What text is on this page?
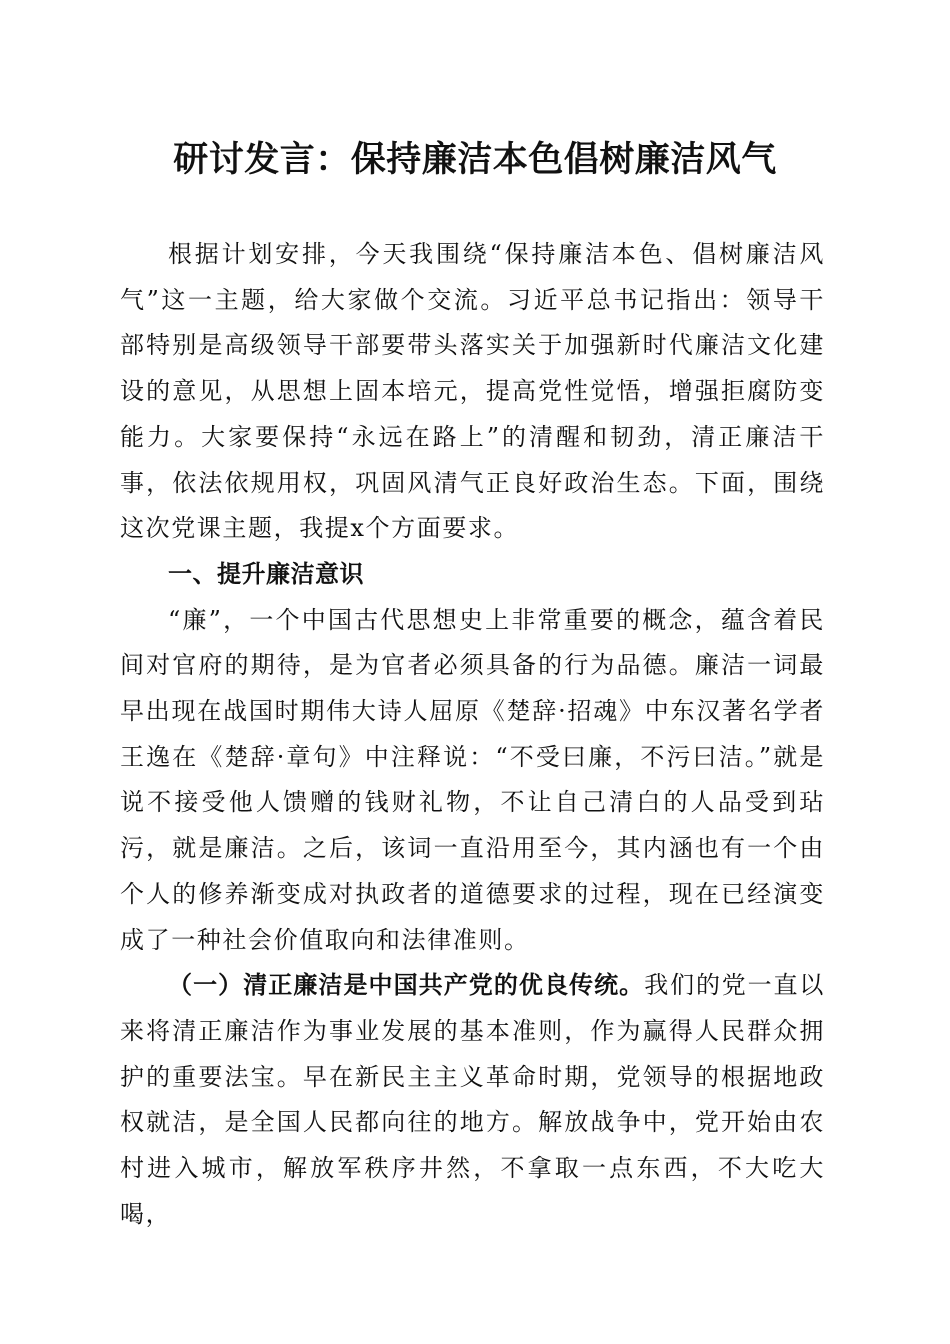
研讨发言：保持廉洁本色倡树廉洁风气

根据计划安排，今天我围绕“保持廉洁本色、倡树廉洁风气”这一主题，给大家做个交流。习近平总书记指出：领导干部特别是高级领导干部要带头落实关于加强新时代廉洁文化建设的意见，从思想上固本培元，提高党性觉悟，增强拒腐防变能力。大家要保持“永远在路上”的清醒和韧劲，清正廉洁干事，依法依规用权，巩固风清气正良好政治生态。下面，围绕这次党课主题，我提x个方面要求。

一、提升廉洁意识

“廉”，一个中国古代思想史上非常重要的概念，蕴含着民间对官府的期待，是为官者必须具备的行为品德。廉洁一词最早出现在战国时期伟大诗人屈原《楚辞·招魂》中东汉著名学者王逸在《楚辞·章句》中注释说：“不受曰廉，不污曰洁。”就是说不接受他人馈赠的钱财礼物，不让自己清白的人品受到玷污，就是廉洁。之后，该词一直沿用至今，其内涵也有一个由个人的修养渐变成对执政者的道德要求的过程，现在已经演变成了一种社会价值取向和法律准则。

（一）清正廉洁是中国共产党的优良传统。我们的党一直以来将清正廉洁作为事业发展的基本准则，作为赢得人民群众拥护的重要法宝。早在新民主主义革命时期，党领导的根据地政权就洁，是全国人民都向往的地方。解放战争中，党开始由农村进入城市，解放军秩序井然，不拿取一点东西，不大吃大喝，
